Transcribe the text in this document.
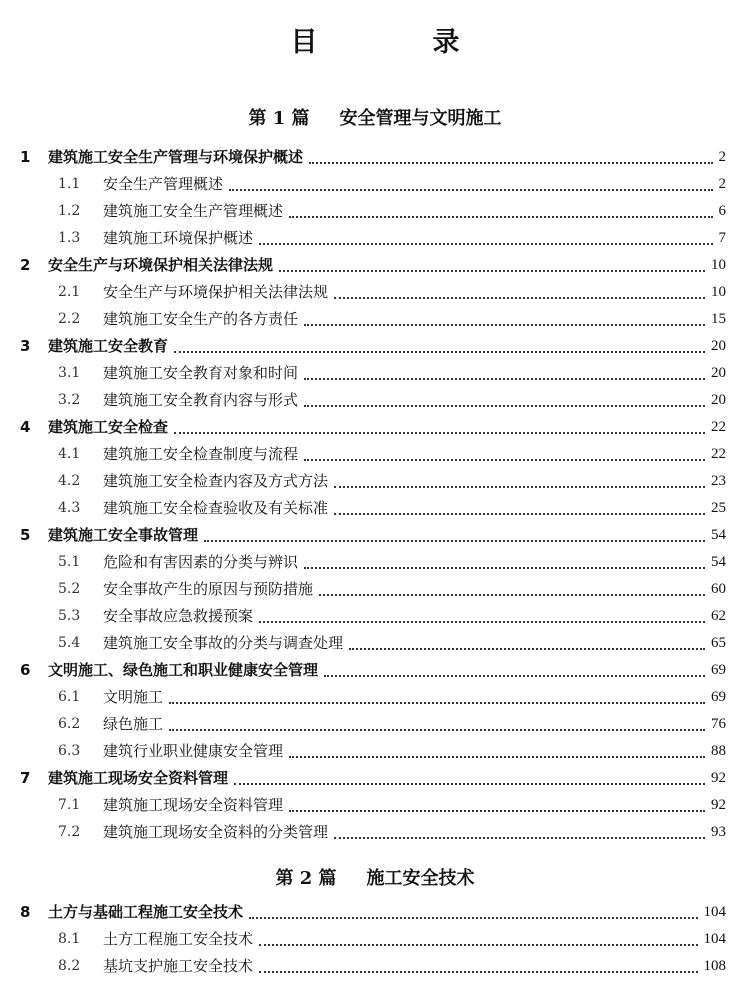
目　录
第 1 篇 安全管理与文明施工
第 2 篇 施工安全技术
1 建筑施工安全生产管理与环境保护概述	2
1.1 安全生产管理概述	2
1.2 建筑施工安全生产管理概述	6
1.3 建筑施工环境保护概述	7
2 安全生产与环境保护相关法律法规	10
2.1 安全生产与环境保护相关法律法规	10
2.2 建筑施工安全生产的各方责任	15
3 建筑施工安全教育	20
3.1 建筑施工安全教育对象和时间	20
3.2 建筑施工安全教育内容与形式	20
4 建筑施工安全检查	22
4.1 建筑施工安全检查制度与流程	22
4.2 建筑施工安全检查内容及方式方法	23
4.3 建筑施工安全检查验收及有关标准	25
5 建筑施工安全事故管理	54
5.1 危险和有害因素的分类与辨识	54
5.2 安全事故产生的原因与预防措施	60
5.3 安全事故应急救援预案	62
5.4 建筑施工安全事故的分类与调查处理	65
6 文明施工、绿色施工和职业健康安全管理	69
6.1 文明施工	69
6.2 绿色施工	76
6.3 建筑行业职业健康安全管理	88
7 建筑施工现场安全资料管理	92
7.1 建筑施工现场安全资料管理	92
7.2 建筑施工现场安全资料的分类管理	93
8 土方与基础工程施工安全技术	104
8.1 土方工程施工安全技术	104
8.2 基坑支护施工安全技术	108
